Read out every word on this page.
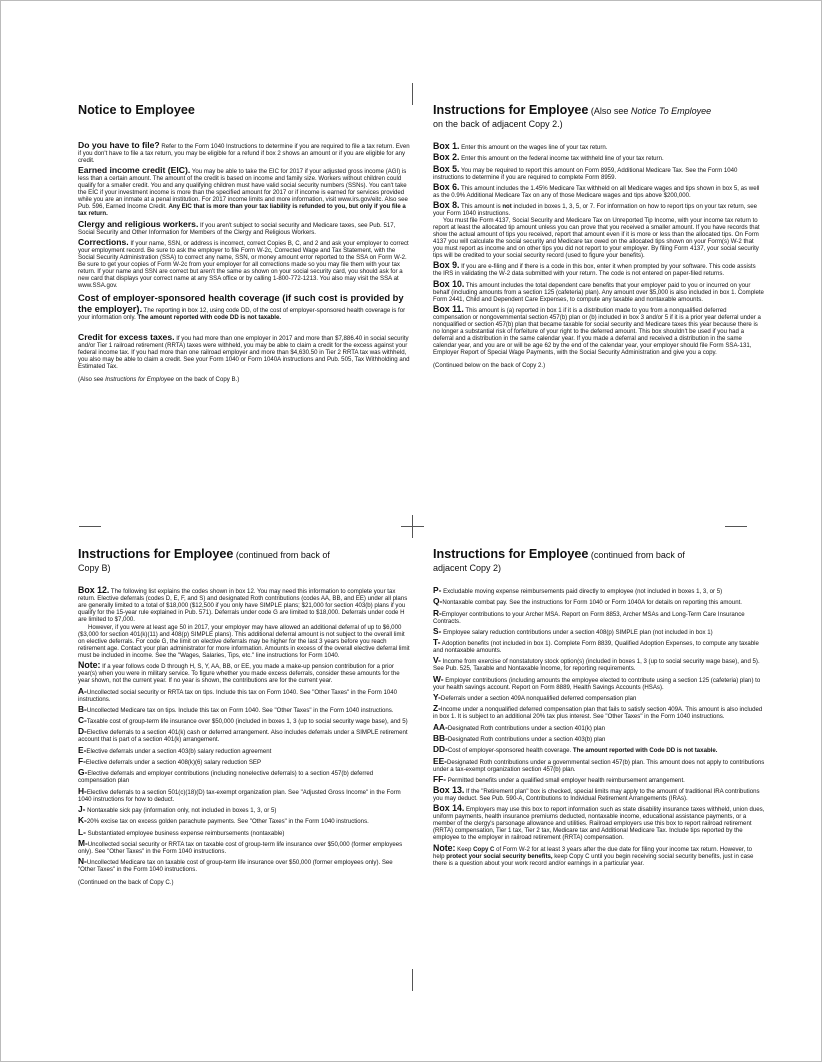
Notice to Employee

Do you have to file? Refer to the Form 1040 Instructions to determine if you are required to file a tax return. Even if you don't have to file a tax return, you may be eligible for a refund if box 2 shows an amount or if you are eligible for any credit.

Earned income credit (EIC). You may be able to take the EIC for 2017 if your adjusted gross income (AGI) is less than a certain amount. The amount of the credit is based on income and family size. Workers without children could qualify for a smaller credit. You and any qualifying children must have valid social security numbers (SSNs). You can't take the EIC if your investment income is more than the specified amount for 2017 or if income is earned for services provided while you are an inmate at a penal institution. For 2017 income limits and more information, visit www.irs.gov/eitc. Also see Pub. 596, Earned Income Credit. Any EIC that is more than your tax liability is refunded to you, but only if you file a tax return.

Clergy and religious workers. If you aren't subject to social security and Medicare taxes, see Pub. 517, Social Security and Other Information for Members of the Clergy and Religious Workers.

Corrections. If your name, SSN, or address is incorrect, correct Copies B, C, and 2 and ask your employer to correct your employment record. Be sure to ask the employer to file Form W-2c, Corrected Wage and Tax Statement, with the Social Security Administration (SSA) to correct any name, SSN, or money amount error reported to the SSA on Form W-2. Be sure to get your copies of Form W-2c from your employer for all corrections made so you may file them with your tax return. If your name and SSN are correct but aren't the same as shown on your social security card, you should ask for a new card that displays your correct name at any SSA office or by calling 1-800-772-1213. You also may visit the SSA at www.SSA.gov.

Cost of employer-sponsored health coverage (if such cost is provided by the employer). The reporting in box 12, using code DD, of the cost of employer-sponsored health coverage is for your information only. The amount reported with code DD is not taxable.

Credit for excess taxes. If you had more than one employer in 2017 and more than $7,886.40 in social security and/or Tier 1 railroad retirement (RRTA) taxes were withheld, you may be able to claim a credit for the excess against your federal income tax. If you had more than one railroad employer and more than $4,630.50 in Tier 2 RRTA tax was withheld, you also may be able to claim a credit. See your Form 1040 or Form 1040A instructions and Pub. 505, Tax Withholding and Estimated Tax.

(Also see Instructions for Employee on the back of Copy B.)

Instructions for Employee (Also see Notice To Employee
on the back of adjacent Copy 2.)

Box 1. Enter this amount on the wages line of your tax return.

Box 2. Enter this amount on the federal income tax withheld line of your tax return.

Box 5. You may be required to report this amount on Form 8959, Additional Medicare Tax. See the Form 1040 instructions to determine if you are required to complete Form 8959.

Box 6. This amount includes the 1.45% Medicare Tax withheld on all Medicare wages and tips shown in box 5, as well as the 0.9% Additional Medicare Tax on any of those Medicare wages and tips above $200,000.

Box 8. This amount is not included in boxes 1, 3, 5, or 7. For information on how to report tips on your tax return, see your Form 1040 instructions.

You must file Form 4137, Social Security and Medicare Tax on Unreported Tip Income, with your income tax return to report at least the allocated tip amount unless you can prove that you received a smaller amount. If you have records that show the actual amount of tips you received, report that amount even if it is more or less than the allocated tips. On Form 4137 you will calculate the social security and Medicare tax owed on the allocated tips shown on your Form(s) W-2 that you must report as income and on other tips you did not report to your employer. By filing Form 4137, your social security tips will be credited to your social security record (used to figure your benefits).

Box 9. If you are e-filing and if there is a code in this box, enter it when prompted by your software. This code assists the IRS in validating the W-2 data submitted with your return. The code is not entered on paper-filed returns.

Box 10. This amount includes the total dependent care benefits that your employer paid to you or incurred on your behalf (including amounts from a section 125 (cafeteria) plan). Any amount over $5,000 is also included in box 1. Complete Form 2441, Child and Dependent Care Expenses, to compute any taxable and nontaxable amounts.

Box 11. This amount is (a) reported in box 1 if it is a distribution made to you from a nonqualified deferred compensation or nongovernmental section 457(b) plan or (b) included in box 3 and/or 5 if it is a prior year deferral under a nonqualified or section 457(b) plan that became taxable for social security and Medicare taxes this year because there is no longer a substantial risk of forfeiture of your right to the deferred amount. This box shouldn't be used if you had a deferral and a distribution in the same calendar year. If you made a deferral and received a distribution in the same calendar year, and you are or will be age 62 by the end of the calendar year, your employer should file Form SSA-131, Employer Report of Special Wage Payments, with the Social Security Administration and give you a copy.

(Continued below on the back of Copy 2.)

Instructions for Employee (continued from back of
Copy B)

Box 12. The following list explains the codes shown in box 12. You may need this information to complete your tax return. Elective deferrals (codes D, E, F, and S) and designated Roth contributions (codes AA, BB, and EE) under all plans are generally limited to a total of $18,000 ($12,500 if you only have SIMPLE plans; $21,000 for section 403(b) plans if you qualify for the 15-year rule explained in Pub. 571). Deferrals under code G are limited to $18,000. Deferrals under code H are limited to $7,000.

However, if you were at least age 50 in 2017, your employer may have allowed an additional deferral of up to $6,000 ($3,000 for section 401(k)(11) and 408(p) SIMPLE plans). This additional deferral amount is not subject to the overall limit on elective deferrals. For code G, the limit on elective deferrals may be higher for the last 3 years before you reach retirement age. Contact your plan administrator for more information. Amounts in excess of the overall elective deferral limit must be included in income. See the "Wages, Salaries, Tips, etc." line instructions for Form 1040.

Note: If a year follows code D through H, S, Y, AA, BB, or EE, you made a make-up pension contribution for a prior year(s) when you were in military service. To figure whether you made excess deferrals, consider these amounts for the year shown, not the current year. If no year is shown, the contributions are for the current year.

A-Uncollected social security or RRTA tax on tips. Include this tax on Form 1040. See "Other Taxes" in the Form 1040 instructions.

B-Uncollected Medicare tax on tips. Include this tax on Form 1040. See "Other Taxes" in the Form 1040 instructions.

C-Taxable cost of group-term life insurance over $50,000 (included in boxes 1, 3 (up to social security wage base), and 5)

D-Elective deferrals to a section 401(k) cash or deferred arrangement. Also includes deferrals under a SIMPLE retirement account that is part of a section 401(k) arrangement.

E-Elective deferrals under a section 403(b) salary reduction agreement

F-Elective deferrals under a section 408(k)(6) salary reduction SEP

G-Elective deferrals and employer contributions (including nonelective deferrals) to a section 457(b) deferred compensation plan

H-Elective deferrals to a section 501(c)(18)(D) tax-exempt organization plan. See "Adjusted Gross Income" in the Form 1040 instructions for how to deduct.

J- Nontaxable sick pay (information only, not included in boxes 1, 3, or 5)

K-20% excise tax on excess golden parachute payments. See "Other Taxes" in the Form 1040 instructions.

L- Substantiated employee business expense reimbursements (nontaxable)

M-Uncollected social security or RRTA tax on taxable cost of group-term life insurance over $50,000 (former employees only). See "Other Taxes" in the Form 1040 instructions.

N-Uncollected Medicare tax on taxable cost of group-term life insurance over $50,000 (former employees only). See "Other Taxes" in the Form 1040 instructions.

(Continued on the back of Copy C.)

Instructions for Employee (continued from back of
adjacent Copy 2)

P- Excludable moving expense reimbursements paid directly to employee (not included in boxes 1, 3, or 5)

Q-Nontaxable combat pay. See the instructions for Form 1040 or Form 1040A for details on reporting this amount.

R-Employer contributions to your Archer MSA. Report on Form 8853, Archer MSAs and Long-Term Care Insurance Contracts.

S- Employee salary reduction contributions under a section 408(p) SIMPLE plan (not included in box 1)

T- Adoption benefits (not included in box 1). Complete Form 8839, Qualified Adoption Expenses, to compute any taxable and nontaxable amounts.

V- Income from exercise of nonstatutory stock option(s) (included in boxes 1, 3 (up to social security wage base), and 5). See Pub. 525, Taxable and Nontaxable Income, for reporting requirements.

W- Employer contributions (including amounts the employee elected to contribute using a section 125 (cafeteria) plan) to your health savings account. Report on Form 8889, Health Savings Accounts (HSAs).

Y-Deferrals under a section 409A nonqualified deferred compensation plan

Z-Income under a nonqualified deferred compensation plan that fails to satisfy section 409A. This amount is also included in box 1. It is subject to an additional 20% tax plus interest. See "Other Taxes" in the Form 1040 instructions.

AA-Designated Roth contributions under a section 401(k) plan

BB-Designated Roth contributions under a section 403(b) plan

DD-Cost of employer-sponsored health coverage. The amount reported with Code DD is not taxable.

EE-Designated Roth contributions under a governmental section 457(b) plan. This amount does not apply to contributions under a tax-exempt organization section 457(b) plan.

FF- Permitted benefits under a qualified small employer health reimbursement arrangement.

Box 13. If the "Retirement plan" box is checked, special limits may apply to the amount of traditional IRA contributions you may deduct. See Pub. 590-A, Contributions to Individual Retirement Arrangements (IRAs).

Box 14. Employers may use this box to report information such as state disability insurance taxes withheld, union dues, uniform payments, health insurance premiums deducted, nontaxable income, educational assistance payments, or a member of the clergy's parsonage allowance and utilities. Railroad employers use this box to report railroad retirement (RRTA) compensation, Tier 1 tax, Tier 2 tax, Medicare tax and Additional Medicare Tax. Include tips reported by the employee to the employer in railroad retirement (RRTA) compensation.

Note: Keep Copy C of Form W-2 for at least 3 years after the due date for filing your income tax return. However, to help protect your social security benefits, keep Copy C until you begin receiving social security benefits, just in case there is a question about your work record and/or earnings in a particular year.
